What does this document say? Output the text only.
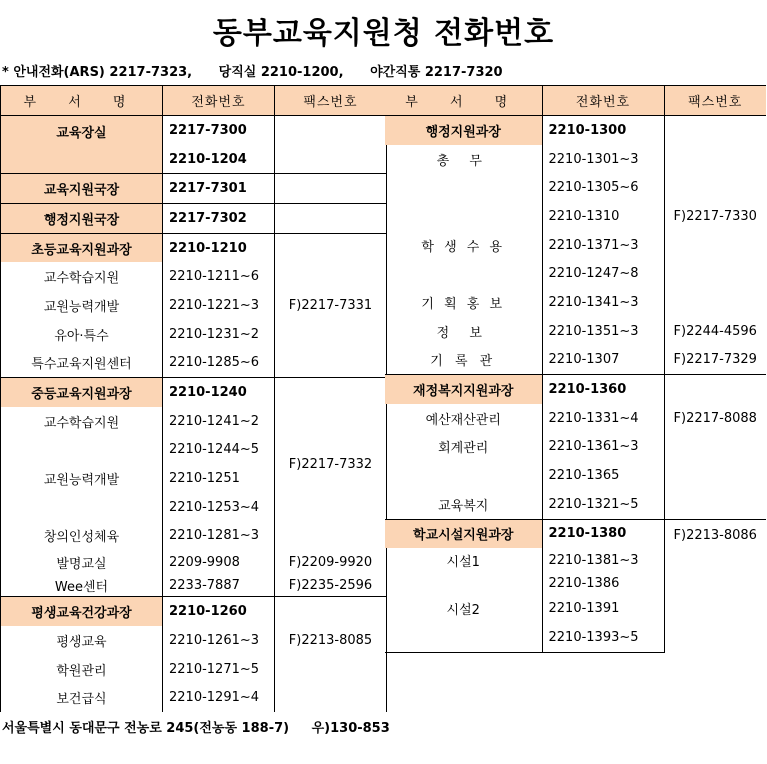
동부교육지원청 전화번호
* 안내전화(ARS) 2217-7323, 당직실 2210-1200, 야간직통 2217-7320
부 서 명	전화번호	팩스번호
교육장실	2217-7300	
	2210-1204	
교육지원국장	2217-7301	
행정지원국장	2217-7302	
초등교육지원과장	2210-1210	F)2217-7331
교수학습지원	2210-1211~6	
교원능력개발	2210-1221~3	
유아·특수	2210-1231~2	
특수교육지원센터	2210-1285~6	
중등교육지원과장	2210-1240	F)2217-7332
교수학습지원	2210-1241~2	
	2210-1244~5	
교원능력개발	2210-1251	
	2210-1253~4	
창의인성체육	2210-1281~3	
발명교실	2209-9908	F)2209-9920
Wee센터	2233-7887	F)2235-2596
평생교육건강과장	2210-1260	F)2213-8085
평생교육	2210-1261~3	
학원관리	2210-1271~5	
보건급식	2210-1291~4	
부 서 명	전화번호	팩스번호
행정지원과장	2210-1300	F)2217-7330
총 무	2210-1301~3	
	2210-1305~6	
	2210-1310	
학 생 수 용	2210-1371~3	
	2210-1247~8	
기 획 홍 보	2210-1341~3	
정 보	2210-1351~3	F)2244-4596
기 록 관	2210-1307	F)2217-7329
재정복지지원과장	2210-1360	F)2217-8088
예산재산관리	2210-1331~4	
회계관리	2210-1361~3	
	2210-1365	
교육복지	2210-1321~5	
학교시설지원과장	2210-1380	F)2213-8086
시설1	2210-1381~3	
	2210-1386	
시설2	2210-1391	
	2210-1393~5	
서울특별시 동대문구 전농로 245(전농동 188-7) 우)130-853
